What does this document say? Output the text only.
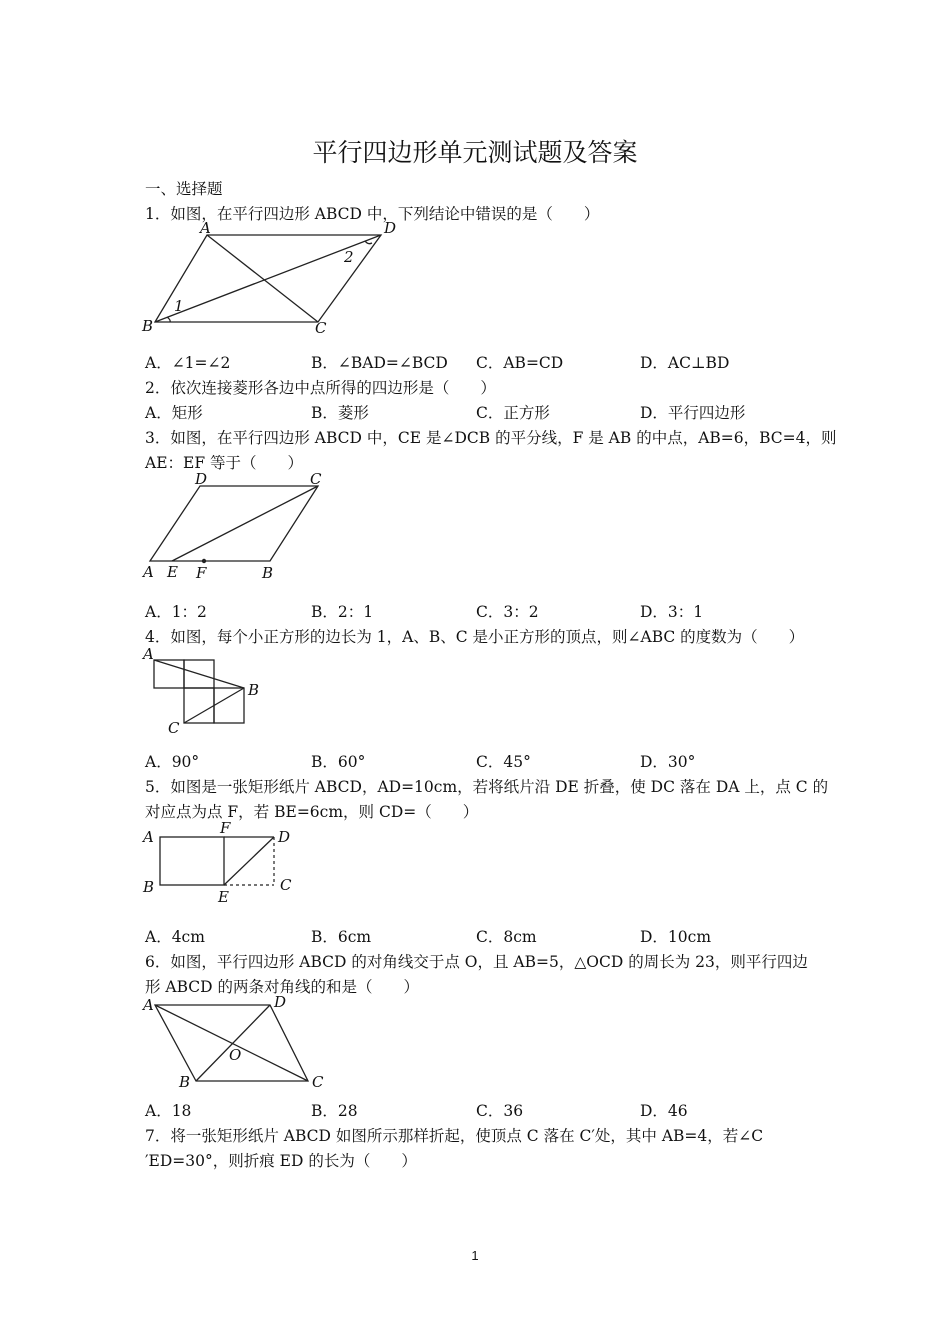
平行四边形单元测试题及答案
一、选择题
1．如图，在平行四边形 ABCD 中，下列结论中错误的是（　　）
A	D
B	C
1
2
A．∠1=∠2	B．∠BAD=∠BCD C．AB=CD	D．AC⊥BD
2．依次连接菱形各边中点所得的四边形是（　　）
A．矩形	B．菱形	C．正方形	D．平行四边形
3．如图，在平行四边形 ABCD 中，CE 是∠DCB 的平分线，F 是 AB 的中点，AB=6，BC=4，则
AE：EF 等于（　　）
D	C
A E F	B
A．1：2	B．2：1	C．3：2	D．3：1
4．如图，每个小正方形的边长为 1，A、B、C 是小正方形的顶点，则∠ABC 的度数为（　　）
A
B
C
A．90°	B．60°	C．45°	D．30°
5．如图是一张矩形纸片 ABCD，AD=10cm，若将纸片沿 DE 折叠，使 DC 落在 DA 上，点 C 的
对应点为点 F，若 BE=6cm，则 CD=（　　）
A	F	D
B
E
C
A．4cm	B．6cm	C．8cm	D．10cm
6．如图，平行四边形 ABCD 的对角线交于点 O，且 AB=5，△OCD 的周长为 23，则平行四边
形 ABCD 的两条对角线的和是（　　）
A	D
O
B	C
A．18	B．28	C．36	D．46
7．将一张矩形纸片 ABCD 如图所示那样折起，使顶点 C 落在 C′处，其中 AB=4，若∠C
′ED=30°，则折痕 ED 的长为（　　）
1
